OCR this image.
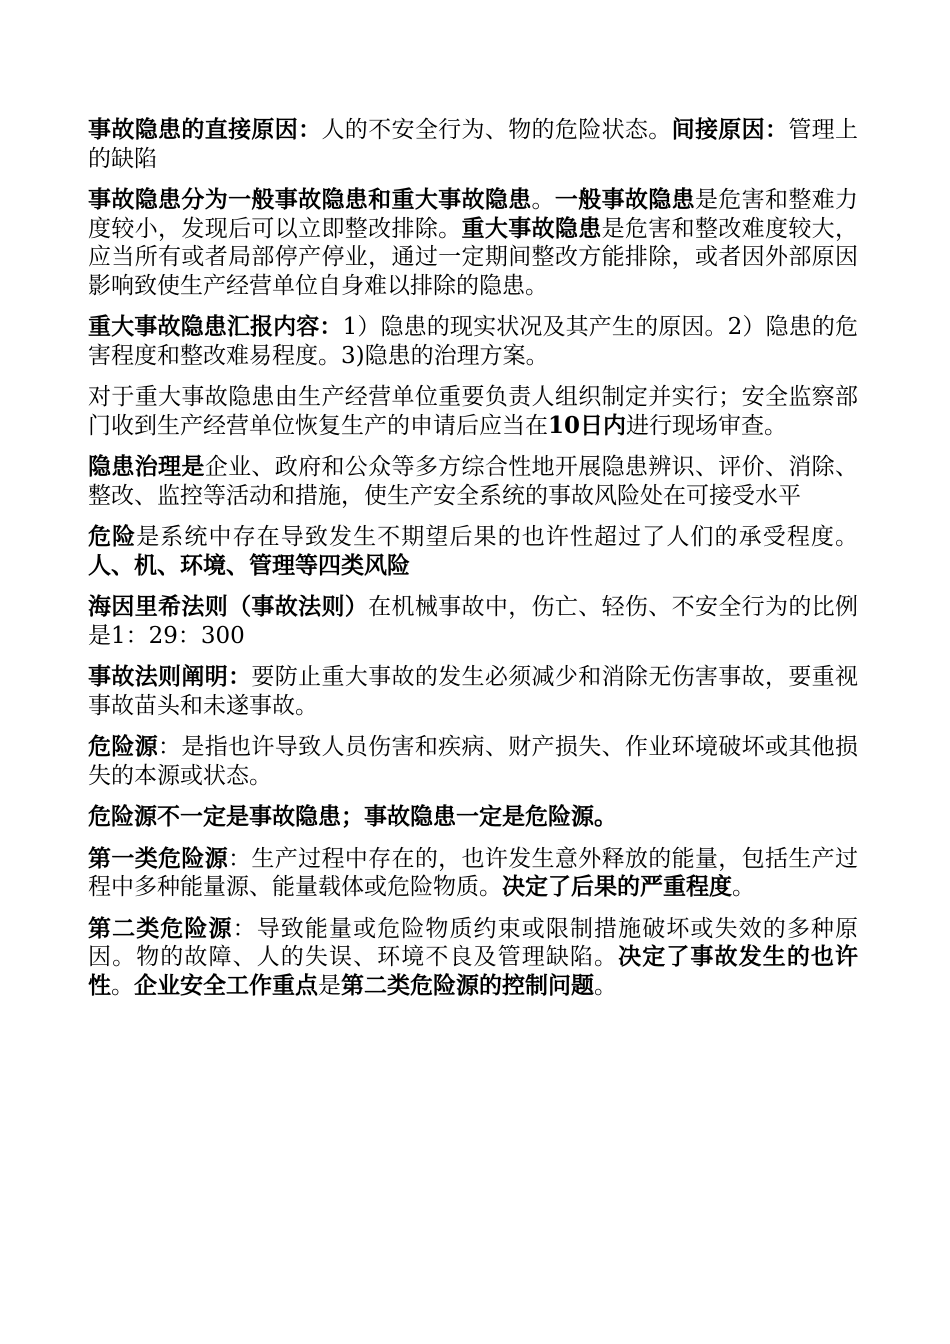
事故隐患的直接原因：人的不安全行为、物的危险状态。间接原因：管理上的缺陷

事故隐患分为一般事故隐患和重大事故隐患。一般事故隐患是危害和整难力度较小，发现后可以立即整改排除。重大事故隐患是危害和整改难度较大，应当所有或者局部停产停业，通过一定期间整改方能排除，或者因外部原因影响致使生产经营单位自身难以排除的隐患。

重大事故隐患汇报内容：1）隐患的现实状况及其产生的原因。2）隐患的危害程度和整改难易程度。3)隐患的治理方案。

对于重大事故隐患由生产经营单位重要负责人组织制定并实行；安全监察部门收到生产经营单位恢复生产的申请后应当在10日内进行现场审查。

隐患治理是企业、政府和公众等多方综合性地开展隐患辨识、评价、消除、整改、监控等活动和措施，使生产安全系统的事故风险处在可接受水平

危险是系统中存在导致发生不期望后果的也许性超过了人们的承受程度。人、机、环境、管理等四类风险

海因里希法则（事故法则）在机械事故中，伤亡、轻伤、不安全行为的比例是1：29：300

事故法则阐明：要防止重大事故的发生必须减少和消除无伤害事故，要重视事故苗头和未遂事故。

危险源：是指也许导致人员伤害和疾病、财产损失、作业环境破坏或其他损失的本源或状态。

危险源不一定是事故隐患；事故隐患一定是危险源。

第一类危险源：生产过程中存在的，也许发生意外释放的能量，包括生产过程中多种能量源、能量载体或危险物质。决定了后果的严重程度。

第二类危险源：导致能量或危险物质约束或限制措施破坏或失效的多种原因。物的故障、人的失误、环境不良及管理缺陷。决定了事故发生的也许性。企业安全工作重点是第二类危险源的控制问题。
